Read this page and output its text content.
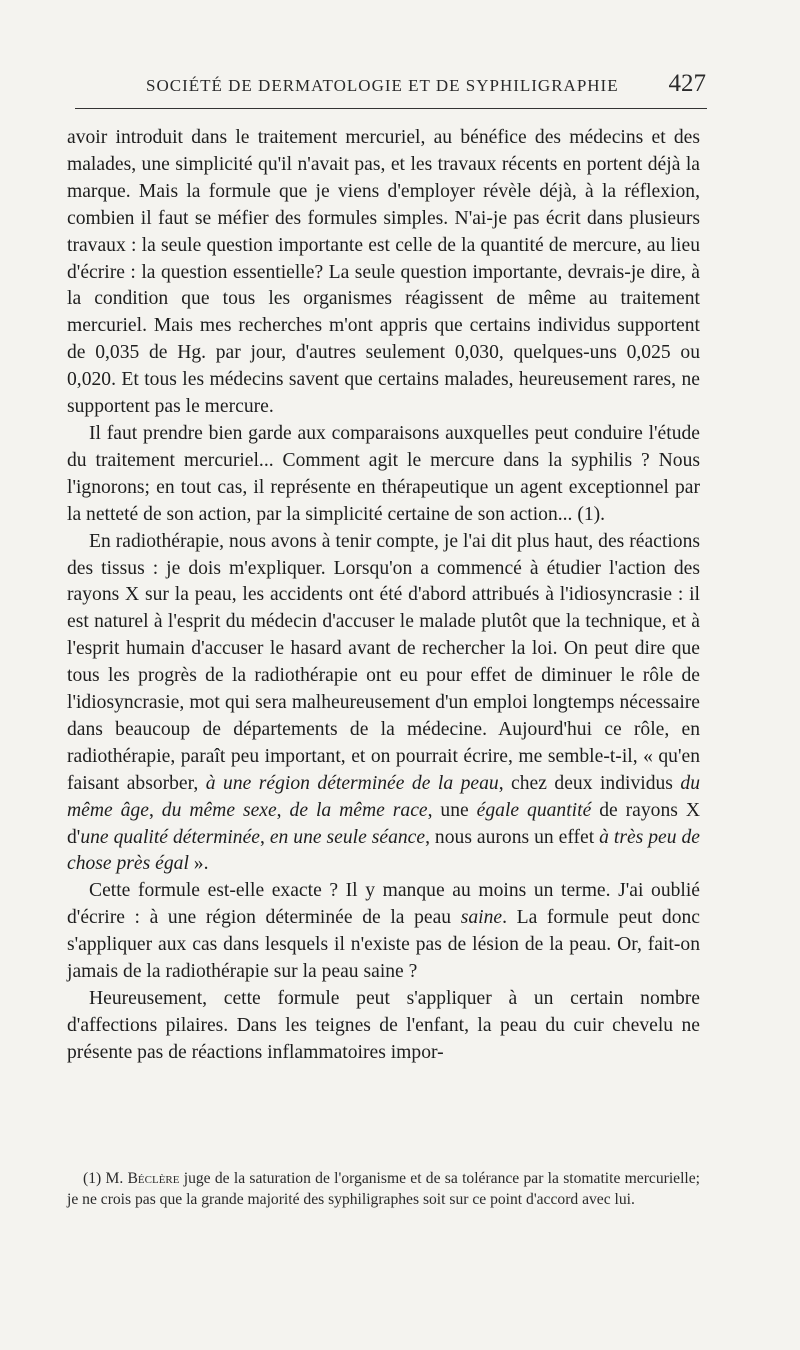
SOCIÉTÉ DE DERMATOLOGIE ET DE SYPHILIGRAPHIE 427

avoir introduit dans le traitement mercuriel, au bénéfice des médecins et des malades, une simplicité qu'il n'avait pas, et les travaux récents en portent déjà la marque. Mais la formule que je viens d'employer révèle déjà, à la réflexion, combien il faut se méfier des formules simples. N'ai-je pas écrit dans plusieurs travaux : la seule question importante est celle de la quantité de mercure, au lieu d'écrire : la question essentielle? La seule question importante, devrais-je dire, à la condition que tous les organismes réagissent de même au traitement mercuriel. Mais mes recherches m'ont appris que certains individus supportent de 0,035 de Hg. par jour, d'autres seulement 0,030, quelques-uns 0,025 ou 0,020. Et tous les médecins savent que certains malades, heureusement rares, ne supportent pas le mercure.

Il faut prendre bien garde aux comparaisons auxquelles peut conduire l'étude du traitement mercuriel... Comment agit le mercure dans la syphilis ? Nous l'ignorons; en tout cas, il représente en thérapeutique un agent exceptionnel par la netteté de son action, par la simplicité certaine de son action... (1).

En radiothérapie, nous avons à tenir compte, je l'ai dit plus haut, des réactions des tissus : je dois m'expliquer. Lorsqu'on a commencé à étudier l'action des rayons X sur la peau, les accidents ont été d'abord attribués à l'idiosyncrasie : il est naturel à l'esprit du médecin d'accuser le malade plutôt que la technique, et à l'esprit humain d'accuser le hasard avant de rechercher la loi. On peut dire que tous les progrès de la radiothérapie ont eu pour effet de diminuer le rôle de l'idiosyncrasie, mot qui sera malheureusement d'un emploi longtemps nécessaire dans beaucoup de départements de la médecine. Aujourd'hui ce rôle, en radiothérapie, paraît peu important, et on pourrait écrire, me semble-t-il, « qu'en faisant absorber, à une région déterminée de la peau, chez deux individus du même âge, du même sexe, de la même race, une égale quantité de rayons X d'une qualité déterminée, en une seule séance, nous aurons un effet à très peu de chose près égal ».

Cette formule est-elle exacte ? Il y manque au moins un terme. J'ai oublié d'écrire : à une région déterminée de la peau saine. La formule peut donc s'appliquer aux cas dans lesquels il n'existe pas de lésion de la peau. Or, fait-on jamais de la radiothérapie sur la peau saine ?

Heureusement, cette formule peut s'appliquer à un certain nombre d'affections pilaires. Dans les teignes de l'enfant, la peau du cuir chevelu ne présente pas de réactions inflammatoires impor-

(1) M. Béclère juge de la saturation de l'organisme et de sa tolérance par la stomatite mercurielle; je ne crois pas que la grande majorité des syphiligraphes soit sur ce point d'accord avec lui.
